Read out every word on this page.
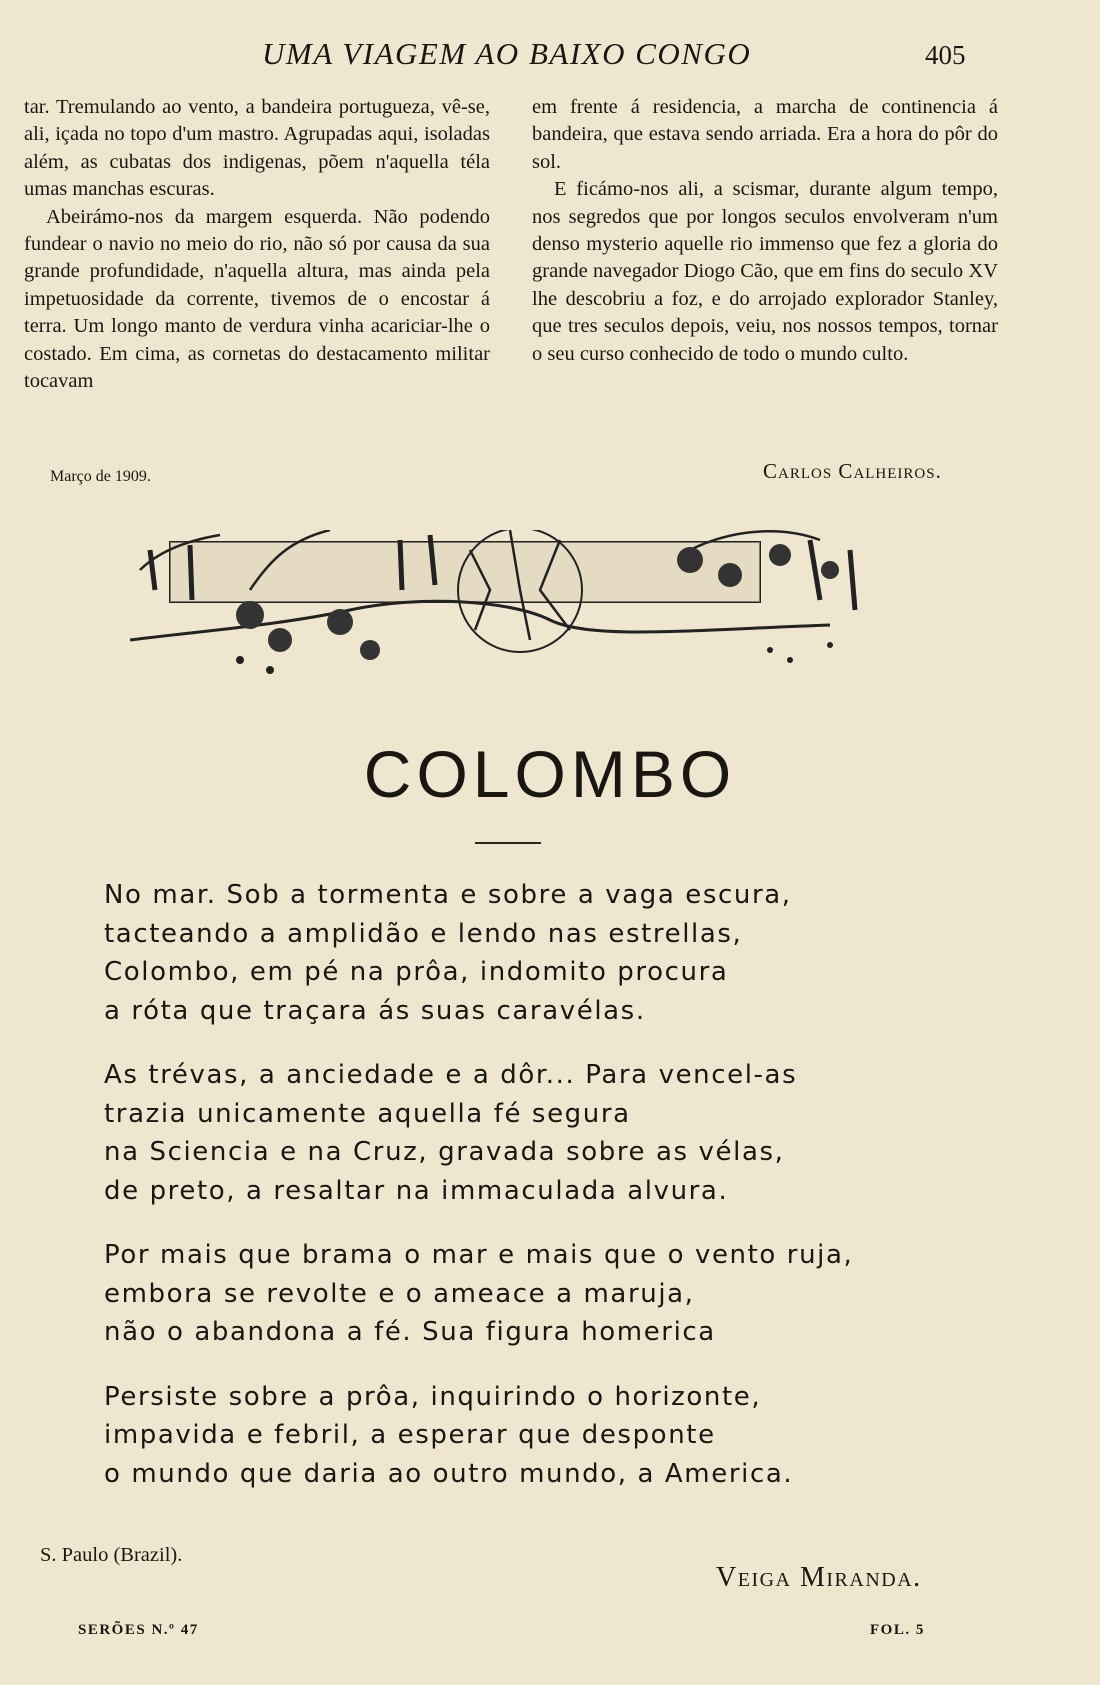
UMA VIAGEM AO BAIXO CONGO	405

tar. Tremulando ao vento, a bandeira portugueza, vê-se, ali, içada no topo d'um mastro. Agrupadas aqui, isoladas além, as cubatas dos indigenas, põem n'aquella téla umas manchas escuras.

Abeirámo-nos da margem esquerda. Não podendo fundear o navio no meio do rio, não só por causa da sua grande profundidade, n'aquella altura, mas ainda pela impetuosidade da corrente, tivemos de o encostar á terra. Um longo manto de verdura vinha acariciar-lhe o costado. Em cima, as cornetas do destacamento militar tocavam

em frente á residencia, a marcha de continencia á bandeira, que estava sendo arriada. Era a hora do pôr do sol.

E ficámo-nos ali, a scismar, durante algum tempo, nos segredos que por longos seculos envolveram n'um denso mysterio aquelle rio immenso que fez a gloria do grande navegador Diogo Cão, que em fins do seculo XV lhe descobriu a foz, e do arrojado explorador Stanley, que tres seculos depois, veiu, nos nossos tempos, tornar o seu curso conhecido de todo o mundo culto.

Março de 1909.	Carlos Calheiros.
COLOMBO
No mar. Sob a tormenta e sobre a vaga escura,
tacteando a amplidão e lendo nas estrellas,
Colombo, em pé na prôa, indomito procura
a róta que traçara ás suas caravélas.
As trévas, a anciedade e a dôr... Para vencel-as
trazia unicamente aquella fé segura
na Sciencia e na Cruz, gravada sobre as vélas,
de preto, a resaltar na immaculada alvura.
Por mais que brama o mar e mais que o vento ruja,
embora se revolte e o ameace a maruja,
não o abandona a fé. Sua figura homerica
Persiste sobre a prôa, inquirindo o horizonte,
impavida e febril, a esperar que desponte
o mundo que daria ao outro mundo, a America.
S. Paulo (Brazil).
Veiga Miranda.
SERÕES N.º 47	FOL. 5
